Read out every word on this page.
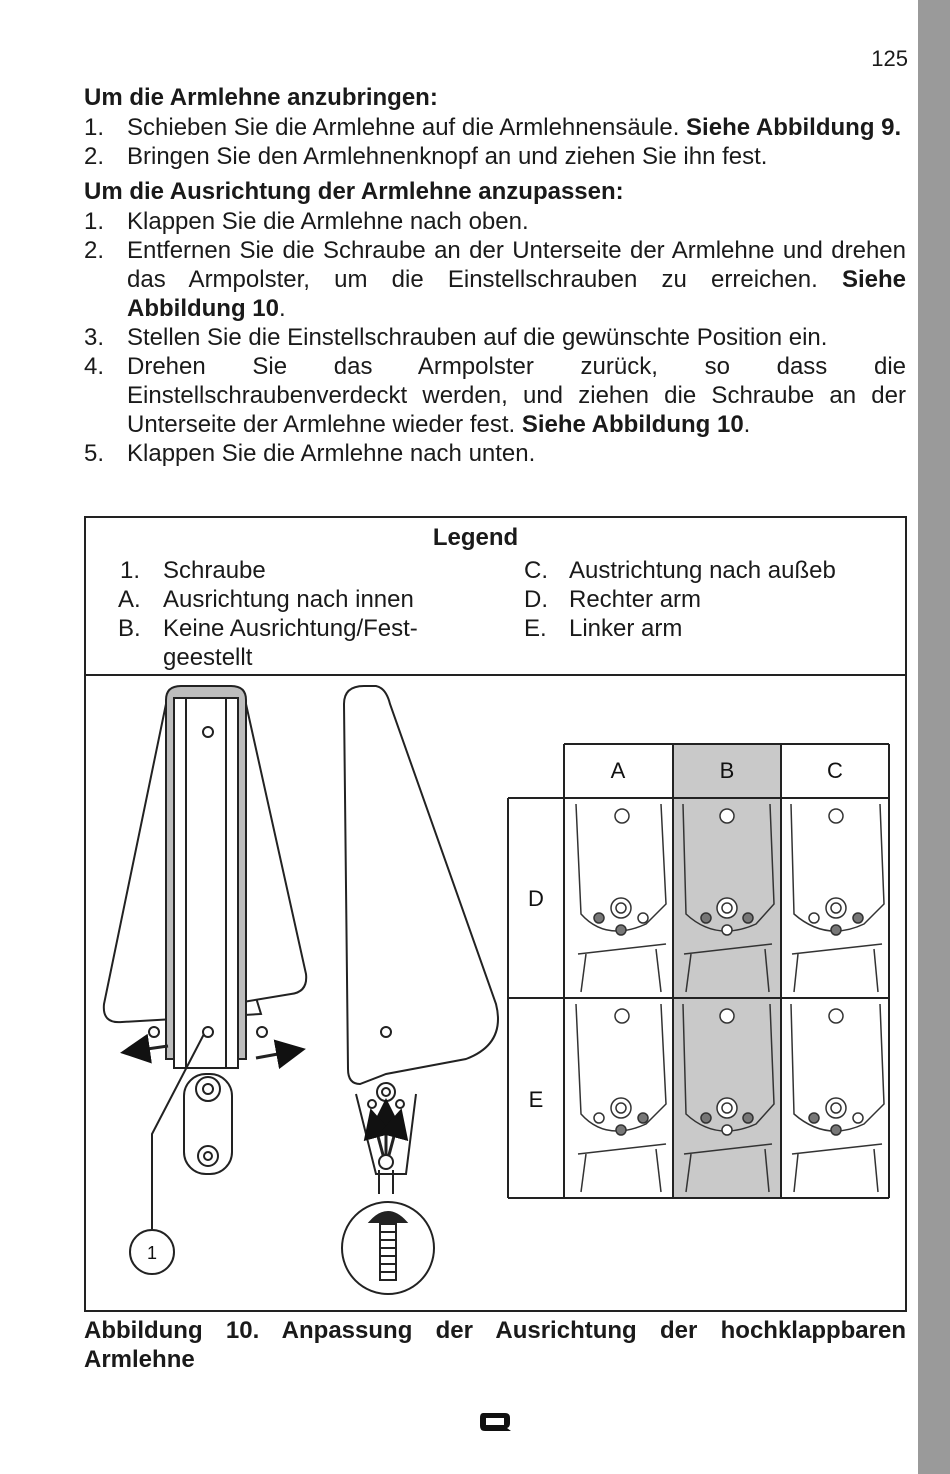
125
Um die Armlehne anzubringen:
1. Schieben Sie die Armlehne auf die Armlehnensäule. Siehe Abbildung 9.
2. Bringen Sie den Armlehnenknopf an und ziehen Sie ihn fest.
Um die Ausrichtung der Armlehne anzupassen:
1. Klappen Sie die Armlehne nach oben.
2. Entfernen Sie die Schraube an der Unterseite der Armlehne und drehen das Armpolster, um die Einstellschrauben zu erreichen. Siehe Abbildung 10.
3. Stellen Sie die Einstellschrauben auf die gewünschte Position ein.
4. Drehen Sie das Armpolster zurück, so dass die Einstellschraubenverdeckt werden, und ziehen die Schraube an der Unterseite der Armlehne wieder fest. Siehe Abbildung 10.
5. Klappen Sie die Armlehne nach unten.
Legend
1. Schraube
A. Ausrichtung nach innen
B. Keine Ausrichtung/Fest-geestellt
C. Austrichtung nach außeb
D. Rechter arm
E. Linker arm
1
A	B	C
D
E
Abbildung 10. Anpassung der Ausrichtung der hochklappbaren Armlehne
